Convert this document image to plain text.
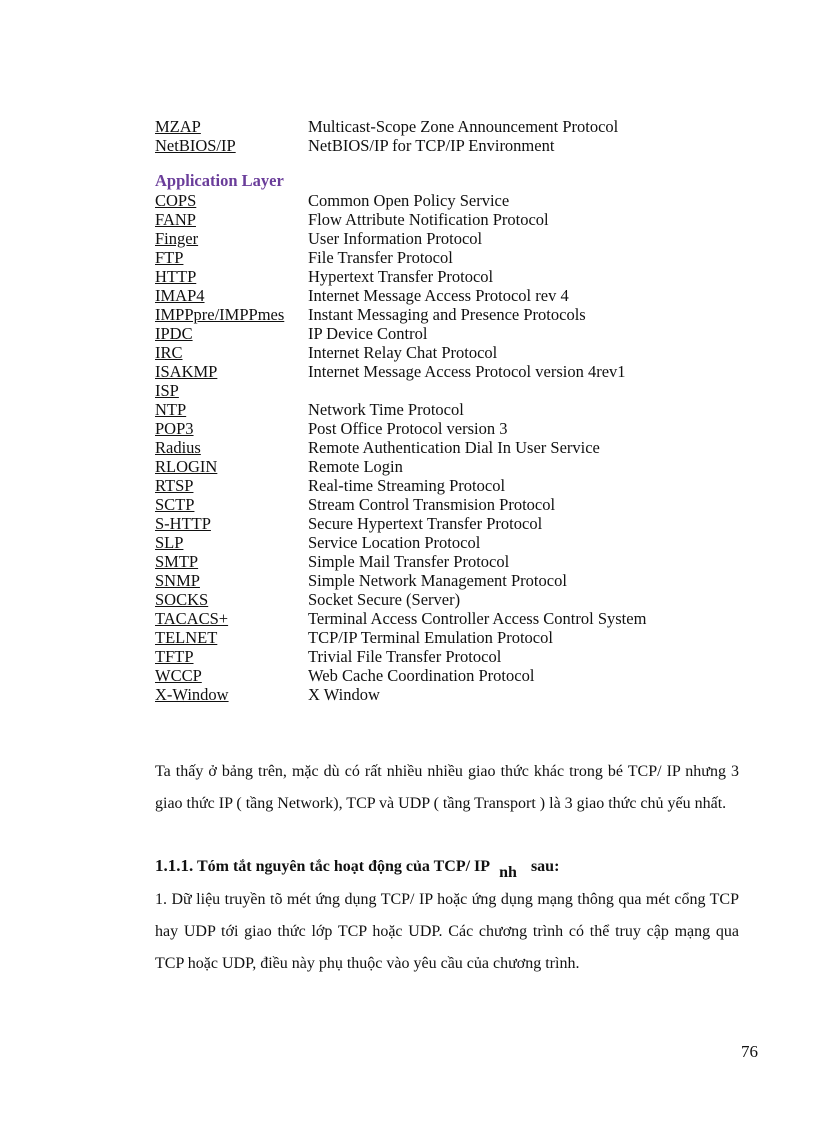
MZAP	Multicast-Scope Zone Announcement Protocol
NetBIOS/IP	NetBIOS/IP for TCP/IP Environment
Application Layer
COPS	Common Open Policy Service
FANP	Flow Attribute Notification Protocol
Finger	User Information Protocol
FTP	File Transfer Protocol
HTTP	Hypertext Transfer Protocol
IMAP4	Internet Message Access Protocol rev 4
IMPPpre/IMPPmes	Instant Messaging and Presence Protocols
IPDC	IP Device Control
IRC	Internet Relay Chat Protocol
ISAKMP	Internet Message Access Protocol version 4rev1
ISP
NTP	Network Time Protocol
POP3	Post Office Protocol version 3
Radius	Remote Authentication Dial In User Service
RLOGIN	Remote Login
RTSP	Real-time Streaming Protocol
SCTP	Stream Control Transmision Protocol
S-HTTP	Secure Hypertext Transfer Protocol
SLP	Service Location Protocol
SMTP	Simple Mail Transfer Protocol
SNMP	Simple Network Management Protocol
SOCKS	Socket Secure (Server)
TACACS+	Terminal Access Controller Access Control System
TELNET	TCP/IP Terminal Emulation Protocol
TFTP	Trivial File Transfer Protocol
WCCP	Web Cache Coordination Protocol
X-Window	X Window

Ta thấy ở bảng trên, mặc dù có rất nhiều nhiều giao thức khác trong bé TCP/ IP nhưng 3 giao thức IP ( tầng Network), TCP và UDP ( tầng Transport ) là 3 giao thức chủ yếu nhất.

1.1.1. Tóm tắt nguyên tắc hoạt động của TCP/ IP nh sau:

1. Dữ liệu truyền tõ mét ứng dụng TCP/ IP hoặc ứng dụng mạng thông qua mét cổng TCP hay UDP tới giao thức lớp TCP hoặc UDP. Các chương trình có thể truy cập mạng qua TCP hoặc UDP, điều này phụ thuộc vào yêu cầu của chương trình.

76
